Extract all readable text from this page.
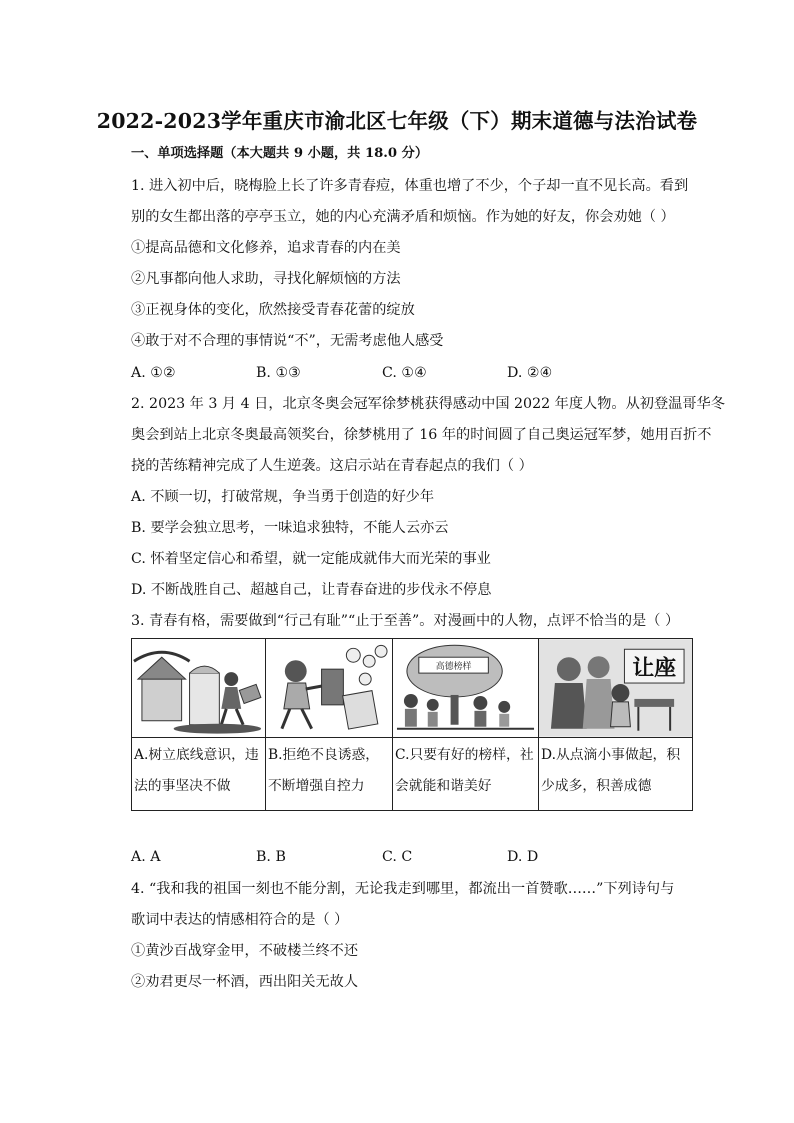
2022-2023学年重庆市渝北区七年级（下）期末道德与法治试卷
一、单项选择题（本大题共 9 小题，共 18.0 分）
1. 进入初中后，晓梅脸上长了许多青春痘，体重也增了不少，个子却一直不见长高。看到
别的女生都出落的亭亭玉立，她的内心充满矛盾和烦恼。作为她的好友，你会劝她（ ）
①提高品德和文化修养，追求青春的内在美
②凡事都向他人求助，寻找化解烦恼的方法
③正视身体的变化，欣然接受青春花蕾的绽放
④敢于对不合理的事情说“不”，无需考虑他人感受
A. ①②	B. ①③	C. ①④	D. ②④
2. 2023 年 3 月 4 日，北京冬奥会冠军徐梦桃获得感动中国 2022 年度人物。从初登温哥华冬
奥会到站上北京冬奥最高领奖台，徐梦桃用了 16 年的时间圆了自己奥运冠军梦，她用百折不
挠的苦练精神完成了人生逆袭。这启示站在青春起点的我们（ ）
A. 不顾一切，打破常规，争当勇于创造的好少年
B. 要学会独立思考，一味追求独特，不能人云亦云
C. 怀着坚定信心和希望，就一定能成就伟大而光荣的事业
D. 不断战胜自己、超越自己，让青春奋进的步伐永不停息
3. 青春有格，需要做到“行己有耻”“止于至善”。对漫画中的人物，点评不恰当的是（ ）

高德榜样	让座

A.树立底线意识，违法的事坚决不做	B.拒绝不良诱惑，不断增强自控力	C.只要有好的榜样，社会就能和谐美好	D.从点滴小事做起，积少成多，积善成德
A. A	B. B	C. C	D. D
4. “我和我的祖国一刻也不能分割，无论我走到哪里，都流出一首赞歌……”下列诗句与
歌词中表达的情感相符合的是（ ）
①黄沙百战穿金甲，不破楼兰终不还
②劝君更尽一杯酒，西出阳关无故人
